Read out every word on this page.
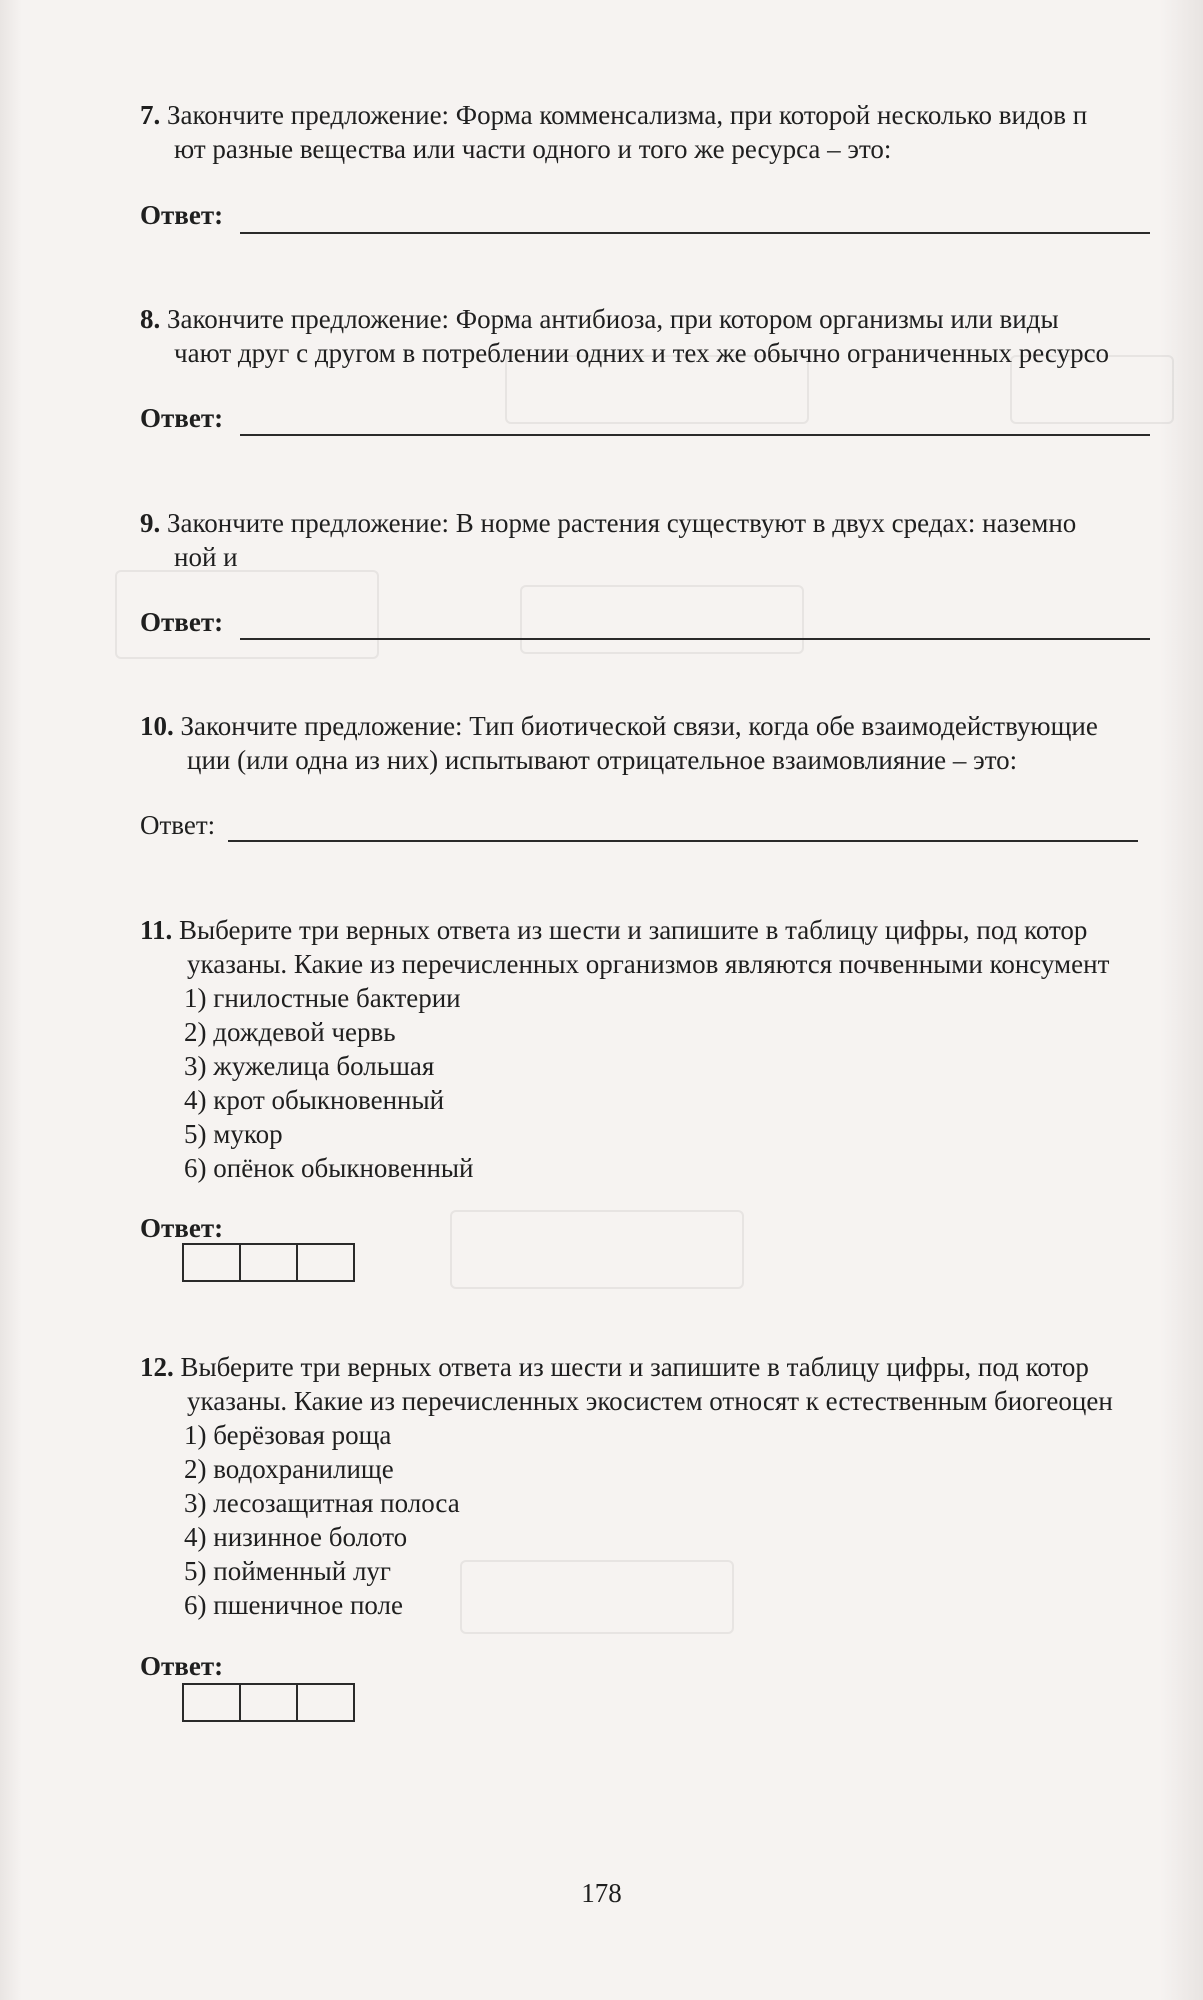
7. Закончите предложение: Форма комменсализма, при которой несколько видов п
ют разные вещества или части одного и того же ресурса – это:
Ответ:
8. Закончите предложение: Форма антибиоза, при котором организмы или виды
чают друг с другом в потреблении одних и тех же обычно ограниченных ресурсо
Ответ:
9. Закончите предложение: В норме растения существуют в двух средах: наземно
ной и
Ответ:
10. Закончите предложение: Тип биотической связи, когда обе взаимодействующие
ции (или одна из них) испытывают отрицательное взаимовлияние – это:
Ответ:
11. Выберите три верных ответа из шести и запишите в таблицу цифры, под котор
указаны. Какие из перечисленных организмов являются почвенными консумент
1) гнилостные бактерии
2) дождевой червь
3) жужелица большая
4) крот обыкновенный
5) мукор
6) опёнок обыкновенный
Ответ:
12. Выберите три верных ответа из шести и запишите в таблицу цифры, под котор
указаны. Какие из перечисленных экосистем относят к естественным биогеоцен
1) берёзовая роща
2) водохранилище
3) лесозащитная полоса
4) низинное болото
5) пойменный луг
6) пшеничное поле
Ответ:
178
